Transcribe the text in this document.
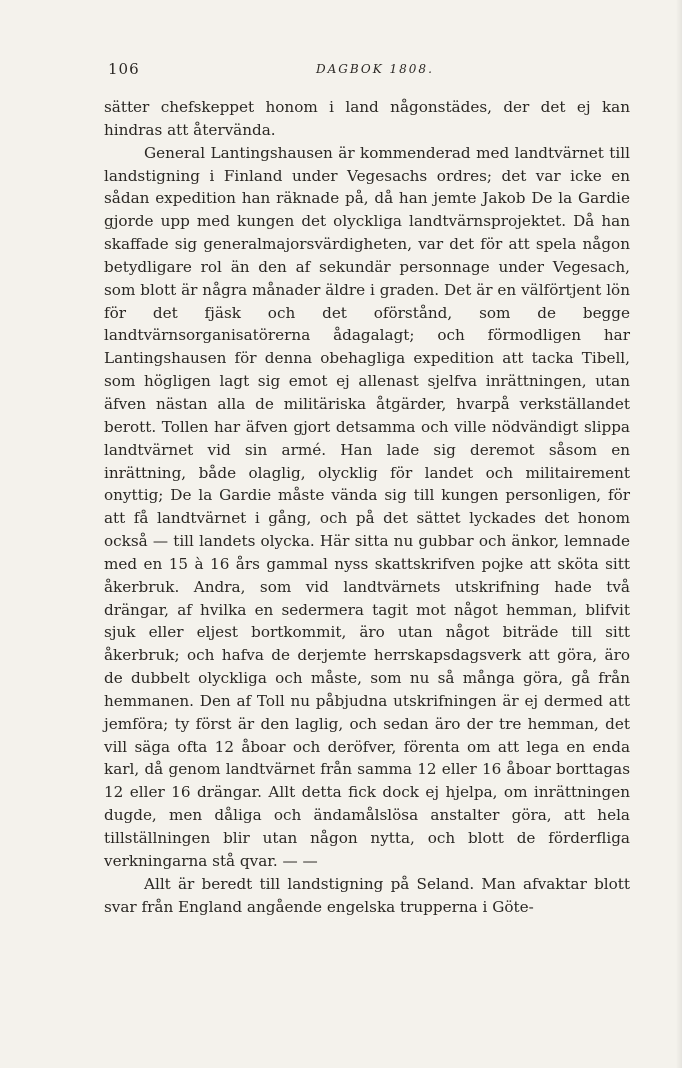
106	DAGBOK 1808.

sätter chefskeppet honom i land någonstädes, der det ej kan hindras att återvända.

General Lantingshausen är kommenderad med landtvärnet till landstigning i Finland under Vegesachs ordres; det var icke en sådan expedition han räknade på, då han jemte Jakob De la Gardie gjorde upp med kungen det olyckliga landtvärnsprojektet. Då han skaffade sig generalmajorsvärdigheten, var det för att spela någon betydligare rol än den af sekundär personnage under Vegesach, som blott är några månader äldre i graden. Det är en välförtjent lön för det fjäsk och det oförstånd, som de begge landtvärnsorganisatörerna ådagalagt; och förmodligen har Lantingshausen för denna obehagliga expedition att tacka Tibell, som högligen lagt sig emot ej allenast sjelfva inrättningen, utan äfven nästan alla de militäriska åtgärder, hvarpå verkställandet berott. Tollen har äfven gjort detsamma och ville nödvändigt slippa landtvärnet vid sin armé. Han lade sig deremot såsom en inrättning, både olaglig, olycklig för landet och militairement onyttig; De la Gardie måste vända sig till kungen personligen, för att få landtvärnet i gång, och på det sättet lyckades det honom också — till landets olycka. Här sitta nu gubbar och änkor, lemnade med en 15 à 16 års gammal nyss skattskrifven pojke att sköta sitt åkerbruk. Andra, som vid landtvärnets utskrifning hade två drängar, af hvilka en sedermera tagit mot något hemman, blifvit sjuk eller eljest bortkommit, äro utan något biträde till sitt åkerbruk; och hafva de derjemte herrskapsdagsverk att göra, äro de dubbelt olyckliga och måste, som nu så många göra, gå från hemmanen. Den af Toll nu påbjudna utskrifningen är ej dermed att jemföra; ty först är den laglig, och sedan äro der tre hemman, det vill säga ofta 12 åboar och deröfver, förenta om att lega en enda karl, då genom landtvärnet från samma 12 eller 16 åboar borttagas 12 eller 16 drängar. Allt detta fick dock ej hjelpa, om inrättningen dugde, men dåliga och ändamålslösa anstalter göra, att hela tillställningen blir utan någon nytta, och blott de förderfliga verkningarna stå qvar. — —

Allt är beredt till landstigning på Seland. Man afvaktar blott svar från England angående engelska trupperna i Göte-
